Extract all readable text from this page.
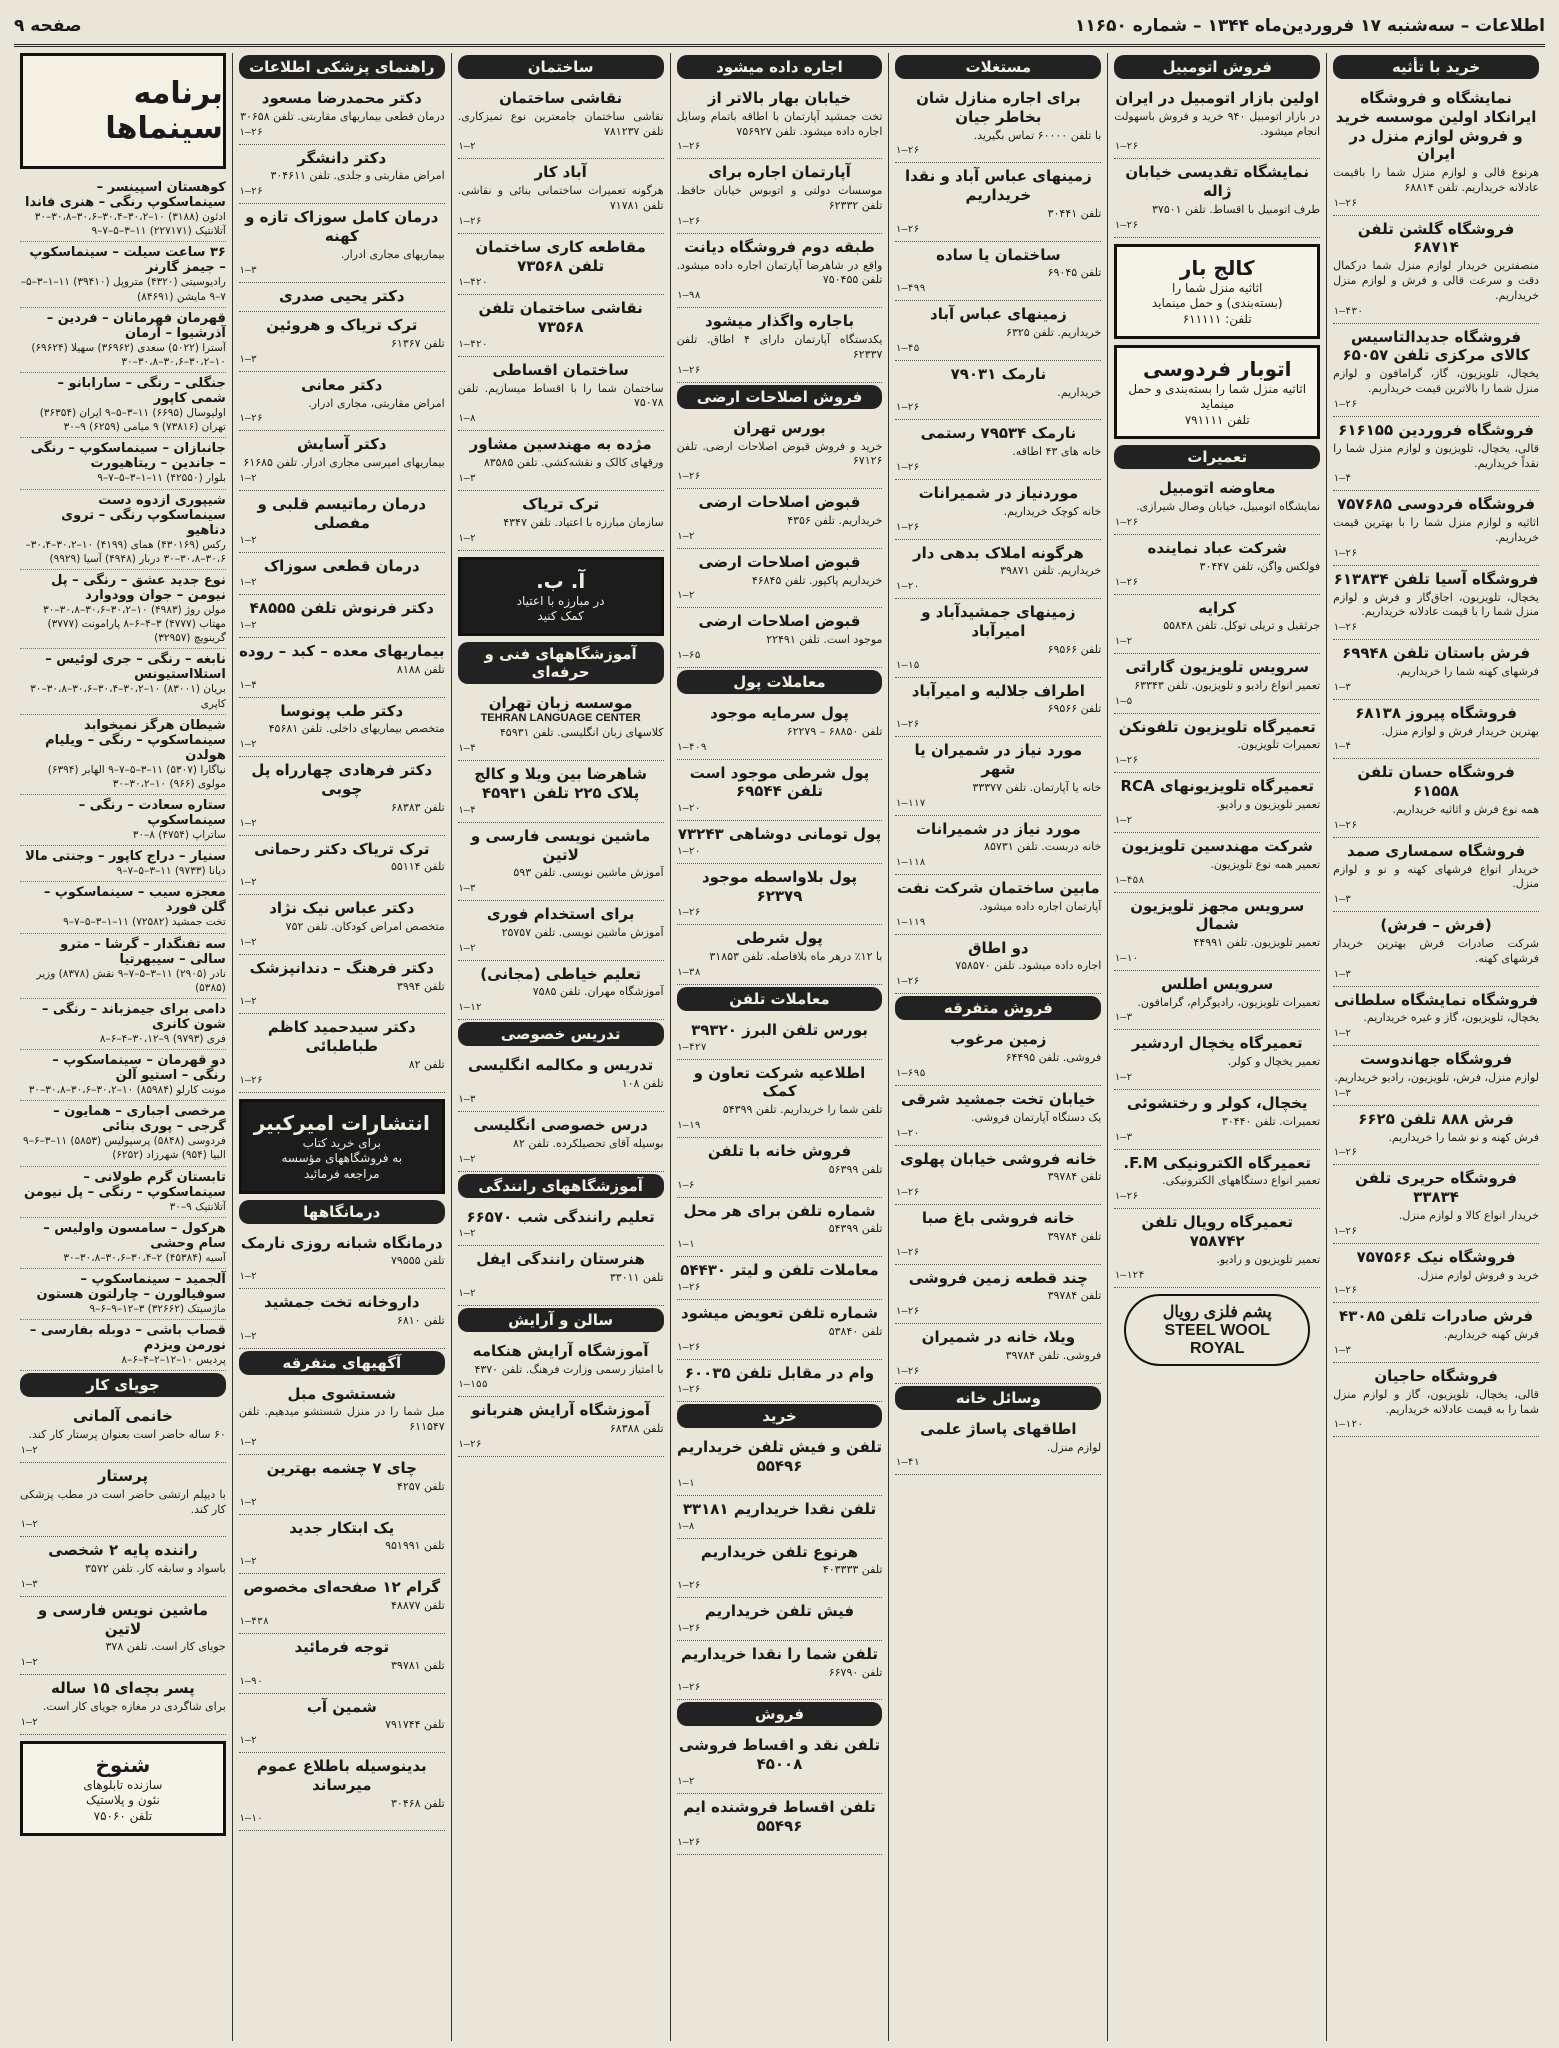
اطلاعات – سه‌شنبه ۱۷ فروردین‌ماه ۱۳۴۴ – شماره ۱۱۶۵۰
صفحه ۹
خرید با تأثیه
نمایشگاه و فروشگاه ایرانکاد اولین موسسه خرید و فروش لوازم منزل در ایران
هرنوع قالی و لوازم منزل شما را باقیمت عادلانه خریداریم. تلفن ۶۸۸۱۴
۱–۲۶
فروشگاه گلشن تلفن ۶۸۷۱۴
منصفترین خریدار لوازم منزل شما درکمال دقت و سرعت قالی و فرش و لوازم منزل خریداریم.
۱–۴۳۰
فروشگاه جدیدالتاسیس کالای مرکزی تلفن ۶۵۰۵۷
یخچال، تلویزیون، گاز، گرامافون و لوازم منزل شما را بالاترین قیمت خریداریم.
۱–۲۶
فروشگاه فروردین ۶۱۶۱۵۵
قالی، یخچال، تلویزیون و لوازم منزل شما را نقداً خریداریم.
۱–۴
فروشگاه فردوسی ۷۵۷۶۸۵
اثاثیه و لوازم منزل شما را با بهترین قیمت خریداریم.
۱–۲۶
فروشگاه آسیا تلفن ۶۱۳۸۳۴
یخچال، تلویزیون، اجاق‌گاز و فرش و لوازم منزل شما را با قیمت عادلانه خریداریم.
۱–۲۶
فرش باستان تلفن ۶۹۹۴۸
فرشهای کهنه شما را خریداریم.
۱–۳
فروشگاه پیروز ۶۸۱۳۸
بهترین خریدار فرش و لوازم منزل.
۱–۴
فروشگاه حسان تلفن ۶۱۵۵۸
همه نوع فرش و اثاثیه خریداریم.
۱–۲۶
فروشگاه سمساری صمد
خریدار انواع فرشهای کهنه و نو و لوازم منزل.
۱–۳
(فرش – فرش)
شرکت صادرات فرش بهترین خریدار فرشهای کهنه.
۱–۳
فروشگاه نمایشگاه سلطانی
یخچال، تلویزیون، گاز و غیره خریداریم.
۱–۲
فروشگاه جهاندوست
لوازم منزل، فرش، تلویزیون، رادیو خریداریم.
۱–۳
فرش ۸۸۸ تلفن ۶۶۲۵
فرش کهنه و نو شما را خریداریم.
۱–۲۶
فروشگاه حریری تلفن ۳۳۸۳۴
خریدار انواع کالا و لوازم منزل.
۱–۲۶
فروشگاه نیک ۷۵۷۵۶۶
خرید و فروش لوازم منزل.
۱–۲۶
فرش صادرات تلفن ۴۳۰۸۵
فرش کهنه خریداریم.
۱–۳
فروشگاه حاجیان
قالی، یخچال، تلویزیون، گاز و لوازم منزل شما را به قیمت عادلانه خریداریم.
۱–۱۲۰
فروش اتومبیل
اولین بازار اتومبیل در ایران
در بازار اتومبیل ۹۴۰ خرید و فروش باسهولت انجام میشود.
۱–۲۶
نمایشگاه تقدیسی خیابان ژاله
طرف اتومبیل با اقساط. تلفن ۳۷۵۰۱
۱–۲۶
کالج بار
اثاثیه منزل شما را
(بسته‌بندی) و حمل مینماید
تلفن: ۶۱۱۱۱۱
اتوبار فردوسی
اثاثیه منزل شما را بسته‌بندی و حمل مینماید
تلفن ۷۹۱۱۱۱
تعمیرات
معاوضه اتومبیل
نمایشگاه اتومبیل، خیابان وصال شیرازی.
۱–۲۶
شرکت عباد نماینده
فولکس واگن، تلفن ۳۰۴۴۷
۱–۲۶
کرایه
جرثقیل و تریلی توکل. تلفن ۵۵۸۴۸
۱–۲
سرویس تلویزیون گاراتی
تعمیر انواع رادیو و تلویزیون. تلفن ۶۳۳۴۳
۱–۵
تعمیرگاه تلویزیون تلفونکن
تعمیرات تلویزیون.
۱–۲۶
تعمیرگاه تلویزیونهای RCA
تعمیر تلویزیون و رادیو.
۱–۲
شرکت مهندسین تلویزیون
تعمیر همه نوع تلویزیون.
۱–۴۵۸
سرویس مجهز تلویزیون شمال
تعمیر تلویزیون. تلفن ۴۴۹۹۱
۱–۱۰
سرویس اطلس
تعمیرات تلویزیون، رادیوگرام، گرامافون.
۱–۳
تعمیرگاه یخچال اردشیر
تعمیر یخچال و کولر.
۱–۲
یخچال، کولر و رختشوئی
تعمیرات. تلفن ۳۰۴۴۰
۱–۳
تعمیرگاه الکترونیکی F.M.
تعمیر انواع دستگاههای الکترونیکی.
۱–۲۶
تعمیرگاه رویال تلفن ۷۵۸۷۴۲
تعمیر تلویزیون و رادیو.
۱–۱۲۴
پشم فلزی رویال
STEEL WOOL
ROYAL
مستغلات
برای اجاره منازل شان بخاطر جیان
با تلفن ۶۰۰۰۰ تماس بگیرید.
۱–۲۶
زمینهای عباس آباد و نقدا خریداریم
تلفن ۳۰۴۴۱
۱–۲۶
ساختمان یا ساده
تلفن ۶۹۰۴۵
۱–۴۹۹
زمینهای عباس آباد
خریداریم. تلفن ۶۳۲۵
۱–۴۵
نارمک ۷۹۰۳۱
خریداریم.
۱–۲۶
نارمک ۷۹۵۳۴ رستمی
خانه های ۴۳ اطاقه.
۱–۲۶
موردنیاز در شمیرانات
خانه کوچک خریداریم.
۱–۲۶
هرگونه املاک بدهی دار
خریداریم. تلفن ۳۹۸۷۱
۱–۲۰
زمینهای جمشیدآباد و امیرآباد
تلفن ۶۹۵۶۶
۱–۱۵
اطراف جلالیه و امیرآباد
تلفن ۶۹۵۶۶
۱–۲۶
مورد نیاز در شمیران یا شهر
خانه یا آپارتمان. تلفن ۳۳۳۷۷
۱–۱۱۷
مورد نیاز در شمیرانات
خانه دربست. تلفن ۸۵۷۳۱
۱–۱۱۸
مابین ساختمان شرکت نفت
آپارتمان اجاره داده میشود.
۱–۱۱۹
دو اطاق
اجاره داده میشود. تلفن ۷۵۸۵۷۰
۱–۲۶
فروش متفرقه
زمین مرغوب
فروشی. تلفن ۶۴۴۹۵
۱–۶۹۵
خیابان تخت جمشید شرقی
یک دستگاه آپارتمان فروشی.
۱–۲۰
خانه فروشی خیابان پهلوی
تلفن ۳۹۷۸۴
۱–۲۶
خانه فروشی باغ صبا
تلفن ۳۹۷۸۴
۱–۲۶
چند قطعه زمین فروشی
تلفن ۳۹۷۸۴
۱–۲۶
ویلا، خانه در شمیران
فروشی. تلفن ۳۹۷۸۴
۱–۲۶
وسائل خانه
اطاقهای پاساژ علمی
لوازم منزل.
۱–۴۱
اجاره داده میشود
خیابان بهار بالاتر از
تخت جمشید آپارتمان با اطاقه باتمام وسایل اجاره داده میشود. تلفن ۷۵۶۹۲۷
۱–۲۶
آپارتمان اجاره برای
موسسات دولتی و اتوبوس خیابان حافظ. تلفن ۶۲۳۳۲
۱–۲۶
طبقه دوم فروشگاه دیانت
واقع در شاهرضا آپارتمان اجاره داده میشود. تلفن ۷۵۰۴۵۵
۱–۹۸
باجاره واگذار میشود
یکدستگاه آپارتمان دارای ۴ اطاق. تلفن ۶۲۳۳۷
۱–۲۶
فروش اصلاحات ارضی
بورس تهران
خرید و فروش قبوض اصلاحات ارضی. تلفن ۶۷۱۲۶
۱–۲۶
قبوض اصلاحات ارضی
خریداریم. تلفن ۴۳۵۶
۱–۲
قبوض اصلاحات ارضی
خریداریم پاکپور. تلفن ۴۶۸۴۵
۱–۲
قبوض اصلاحات ارضی
موجود است. تلفن ۲۲۴۹۱
۱–۶۵
معاملات پول
پول سرمایه موجود
تلفن ۶۸۸۵۰ – ۶۲۲۷۹
۱–۴۰۹
پول شرطی موجود است تلفن ۶۹۵۴۴
۱–۲۰
پول تومانی دوشاهی ۷۳۲۴۳
۱–۲۰
پول بلاواسطه موجود ۶۲۳۷۹
۱–۲۶
پول شرطی
با ۱۲٪ درهر ماه بلافاصله. تلفن ۳۱۸۵۳
۱–۳۸
معاملات تلفن
بورس تلفن البرز ۳۹۳۲۰
۱–۴۲۷
اطلاعیه شرکت تعاون و کمک
تلفن شما را خریداریم. تلفن ۵۴۳۹۹
۱–۱۹
فروش خانه با تلفن
تلفن ۵۶۳۹۹
۱–۶
شماره تلفن برای هر محل
تلفن ۵۴۳۹۹
۱–۱
معاملات تلفن و لیتر ۵۴۴۳۰
۱–۲۶
شماره تلفن تعویض میشود
تلفن ۵۳۸۴۰
۱–۲۶
وام در مقابل تلفن ۶۰۰۳۵
۱–۲۶
خرید
تلفن و فیش تلفن خریداریم ۵۵۴۹۶
۱–۱
تلفن نقدا خریداریم ۳۳۱۸۱
۱–۸
هرنوع تلفن خریداریم
تلفن ۴۰۳۳۳۳
۱–۲۶
فیش تلفن خریداریم
۱–۲۶
تلفن شما را نقدا خریداریم
تلفن ۶۶۷۹۰
۱–۲۶
فروش
تلفن نقد و اقساط فروشی ۴۵۰۰۸
۱–۲
تلفن اقساط فروشنده ایم ۵۵۴۹۶
۱–۲۶
ساختمان
نقاشی ساختمان
نقاشی ساختمان جامعترین نوع تمیزکاری. تلفن ۷۸۱۲۳۷
۱–۲
آباد کار
هرگونه تعمیرات ساختمانی بنائی و نقاشی. تلفن ۷۱۷۸۱
۱–۲۶
مقاطعه کاری ساختمان تلفن ۷۳۵۶۸
۱–۴۲۰
نقاشی ساختمان تلفن ۷۳۵۶۸
۱–۴۲۰
ساختمان اقساطی
ساختمان شما را با اقساط میسازیم. تلفن ۷۵۰۷۸
۱–۸
مژده به مهندسین مشاور
ورقهای کالک و نقشه‌کشی. تلفن ۸۳۵۸۵
۱–۳
ترک تریاک
سازمان مبارزه با اعتیاد. تلفن ۴۳۴۷
۱–۲
آ. ب.
در مبارزه با اعتیاد
کمک کنید
آموزشگاههای فنی و حرفه‌ای
موسسه زبان تهران
TEHRAN LANGUAGE CENTER
کلاسهای زبان انگلیسی. تلفن ۴۵۹۳۱
۱–۴
شاهرضا بین ویلا و کالج پلاک ۲۲۵ تلفن ۴۵۹۳۱
۱–۴
ماشین نویسی فارسی و لاتین
آموزش ماشین نویسی. تلفن ۵۹۳
۱–۳
برای استخدام فوری
آموزش ماشین نویسی. تلفن ۲۵۷۵۷
۱–۲
تعلیم خیاطی (مجانی)
آموزشگاه مهران. تلفن ۷۵۸۵
۱–۱۲
تدریس خصوصی
تدریس و مکالمه انگلیسی
تلفن ۱۰۸
۱–۳
درس خصوصی انگلیسی
بوسیله آقای تحصیلکرده. تلفن ۸۲
۱–۲
آموزشگاههای رانندگی
تعلیم رانندگی شب ۶۶۵۷۰
۱–۲
هنرستان رانندگی ایفل
تلفن ۳۳۰۱۱
۱–۲
سالن و آرایش
آموزشگاه آرایش هنکامه
با امتیاز رسمی وزارت فرهنگ. تلفن ۴۳۷۰
۱–۱۵۵
آموزشگاه آرایش هنربانو
تلفن ۶۸۳۸۸
۱–۲۶
راهنمای پزشکی اطلاعات
دکتر محمدرضا مسعود
درمان قطعی بیماریهای مقاربتی. تلفن ۳۰۶۵۸
۱–۲۶
دکتر دانشگر
امراض مقاربتی و جلدی. تلفن ۳۰۴۶۱۱
۱–۲۶
درمان کامل سوزاک تازه و کهنه
بیماریهای مجاری ادرار.
۱–۳
دکتر یحیی صدری
ترک تریاک و هروئین
تلفن ۶۱۳۶۷
۱–۳
دکتر معانی
امراض مقاربتی، مجاری ادرار.
۱–۲۶
دکتر آسایش
بیماریهای امپرسی مجاری ادرار. تلفن ۶۱۶۸۵
۱–۲
درمان رماتیسم قلبی و مفصلی
۱–۲
درمان قطعی سوزاک
۱–۲
دکتر فرنوش تلفن ۴۸۵۵۵
۱–۲
بیماریهای معده – کبد – روده
تلفن ۸۱۸۸
۱–۴
دکتر طب پونوسا
متخصص بیماریهای داخلی. تلفن ۴۵۶۸۱
۱–۲
دکتر فرهادی چهارراه پل چوبی
تلفن ۶۸۳۸۳
۱–۲
ترک تریاک دکتر رحمانی
تلفن ۵۵۱۱۴
۱–۲
دکتر عباس نیک نژاد
متخصص امراض کودکان. تلفن ۷۵۲
۱–۲
دکتر فرهنگ – دندانپزشک
تلفن ۳۹۹۴
۱–۲
دکتر سیدحمید کاظم طباطبائی
تلفن ۸۲
۱–۲۶
انتشارات امیرکبیر
برای خرید کتاب
به فروشگاههای مؤسسه
مراجعه فرمائید
درمانگاهها
درمانگاه شبانه روزی نارمک
تلفن ۷۹۵۵۵
۱–۲
داروخانه تخت جمشید
تلفن ۶۸۱۰
۱–۲
آگهیهای متفرقه
شستشوی مبل
مبل شما را در منزل شستشو میدهیم. تلفن ۶۱۱۵۴۷
۱–۲
چای ۷ چشمه بهترین
تلفن ۴۲۵۷
۱–۲
یک ابتکار جدید
تلفن ۹۵۱۹۹۱
۱–۲
گرام ۱۲ صفحه‌ای مخصوص
تلفن ۴۸۸۷۷
۱–۴۳۸
توجه فرمائید
تلفن ۳۹۷۸۱
۱–۹۰
شمین آب
تلفن ۷۹۱۷۴۴
۱–۲
بدینوسیله باطلاع عموم میرساند
تلفن ۳۰۴۶۸
۱–۱۰
برنامه سینماها
کوهستان اسپینسر – سینماسکوپ رنگی – هنری فاندا
ادئون (۳۱۸۸) ۱۰–۳۰،۲–۳۰،۴–۳۰،۶–۳۰،۸–۳۰ آتلانتیک (۲۲۷۱۷۱) ۱۱–۳–۵–۷–۹
۳۶ ساعت سیلت – سینماسکوپ – جیمز گارنر
رادیوسیتی (۴۳۲۰) متروپل (۳۹۴۱۰) ۱۱–۱–۳–۵–۷–۹ مایشن (۸۴۶۹۱)
قهرمان فهرمانان – فردین – آذرشیوا – آرمان
آسترا (۵۰۲۲) سعدی (۳۶۹۶۲) سهیلا (۶۹۶۲۴) ۱۰–۳۰،۲–۳۰،۶–۳۰،۸–۳۰
جنگلی – رنگی – سارابانو – شمی کاپور
اولیوسال (۶۶۹۵) ۱۱–۳–۵–۹ ایران (۳۶۳۵۴) تهران (۷۳۸۱۶) ۹ میامی (۶۲۵۹) ۹–۳۰
جانبازان – سینماسکوپ – رنگی – جاندین – ریتاهیورت
بلوار (۴۲۵۵۰) ۱۱–۱–۳–۵–۷–۹
شیپوری ازدوه دست سینماسکوپ رنگی – تروی دناهیو
رکس (۴۳۰۱۶۹) همای (۴۱۹۹) ۱۰–۳۰،۲–۳۰،۴–۳۰،۶–۳۰،۸–۳۰ دربار (۴۹۴۸) آسیا (۹۹۲۹)
نوع جدید عشق – رنگی – پل نیومن – جوان وودوارد
مولن روژ (۴۹۸۳) ۱۰–۳۰،۲–۳۰،۶–۳۰،۸–۳۰ مهتاب (۴۷۷۷) ۳–۴–۶–۸ پارامونت (۳۷۷۷) گرینویچ (۳۲۹۵۷)
نابغه – رنگی – جری لوئیس – استلااستیونس
بریان (۸۳۰۰۱) ۱۰–۳۰،۲–۳۰،۴–۳۰،۶–۳۰،۸–۳۰ کاپری
شیطان هرگز نمیخوابد سینماسکوپ – رنگی – ویلیام هولدن
نیاگارا (۵۳۰۷) ۱۱–۳–۵–۷–۹ الهابر (۶۳۹۴) مولوی (۹۶۶) ۱۰–۳۰،۲–۳۰
ستاره سعادت – رنگی – سینماسکوپ
ساتراپ (۴۷۵۴) ۸–۳۰
سنیار – دراج کاپور – وجنتی مالا
دیانا (۹۷۳۳) ۱۱–۳–۵–۷–۹
معجزه سیب – سینماسکوپ – گلن فورد
تخت جمشید (۷۲۵۸۲) ۱۱–۱–۳–۵–۷–۹
سه تفنگدار – گرشا – مترو سالی – سیبهرتیا
نادر (۲۹۰۵) ۱۱–۳–۵–۷–۹ نقش (۸۳۷۸) وزیر (۵۳۸۵)
دامی برای جیمزباند – رنگی – شون کانری
فری (۹۷۹۳) ۹–۳۰،۱۲–۴–۶–۸
دو قهرمان – سینماسکوپ – رنگی – استیو آلن
مونت کارلو (۸۵۹۸۴) ۱۰–۳۰،۲–۳۰،۶–۳۰،۸–۳۰
مرخصی اجباری – همایون – گرجی – پوری بنائی
فردوسی (۵۸۴۸) پرسپولیس (۵۸۵۳) ۱۱–۳–۶–۹ البیا (۹۵۴) شهرزاد (۶۲۵۲)
تابستان گرم طولانی – سینماسکوپ – رنگی – پل نیومن
آتلانتیک ۹–۳۰
هرکول – سامسون واولیس – سام وحشی
آسیه (۴۵۳۸۴) ۲–۳۰،۴–۳۰،۶–۳۰،۸–۳۰
آلجمید – سینماسکوپ – سوفیالورن – چارلتون هستون
ماژسیتک (۳۲۶۶۲) ۳–۱۲–۹–۶–۹
قصاب باشی – دوبله بفارسی – نورمن ویزدم
پردیس ۱۰–۱۲–۲–۴–۶–۸
جویای کار
خانمی آلمانی
۶۰ ساله حاضر است بعنوان پرستار کار کند.
۱–۲
پرستار
با دیپلم ارتشی حاضر است در مطب پزشکی کار کند.
۱–۲
راننده پایه ۲ شخصی
باسواد و سابقه کار. تلفن ۳۵۷۲
۱–۳
ماشین نویس فارسی و لاتین
جویای کار است. تلفن ۳۷۸
۱–۲
پسر بچه‌ای ۱۵ ساله
برای شاگردی در مغازه جویای کار است.
۱–۲
شنوخ
سازنده تابلوهای
نئون و پلاستیک
تلفن ۷۵۰۶۰
